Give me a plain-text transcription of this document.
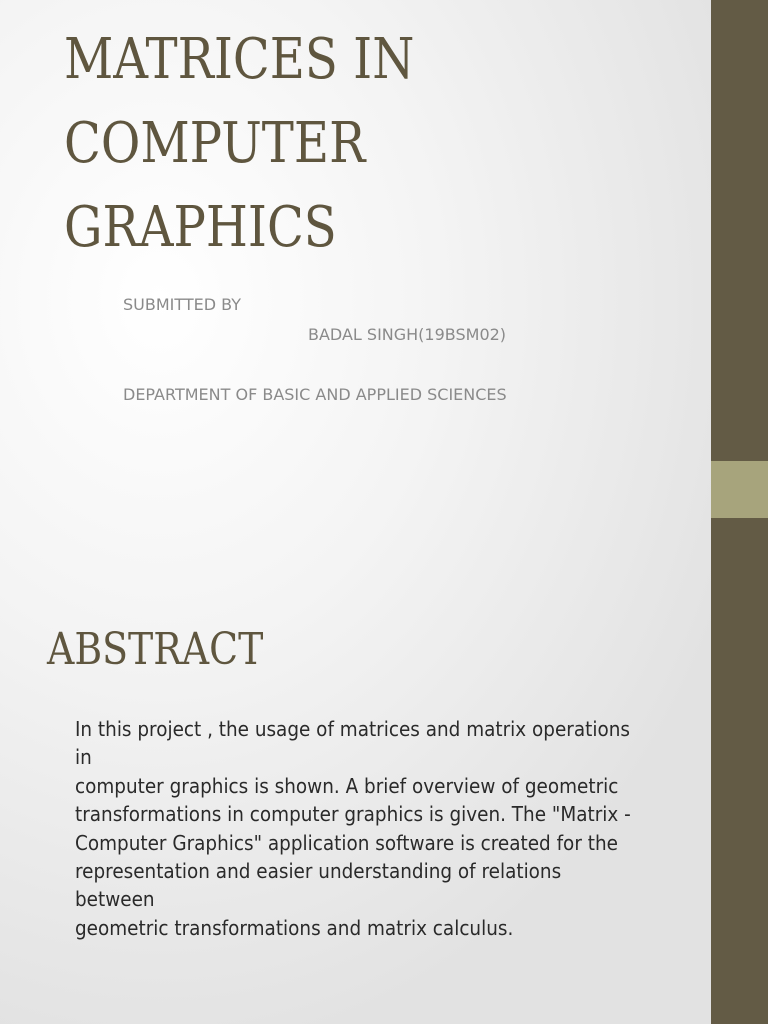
MATRICES IN
COMPUTER
GRAPHICS
SUBMITTED BY
BADAL SINGH(19BSM02)
DEPARTMENT OF BASIC AND APPLIED SCIENCES
ABSTRACT

In this project , the usage of matrices and matrix operations in
computer graphics is shown. A brief overview of geometric
transformations in computer graphics is given. The "Matrix -
Computer Graphics" application software is created for the
representation and easier understanding of relations between
geometric transformations and matrix calculus.
